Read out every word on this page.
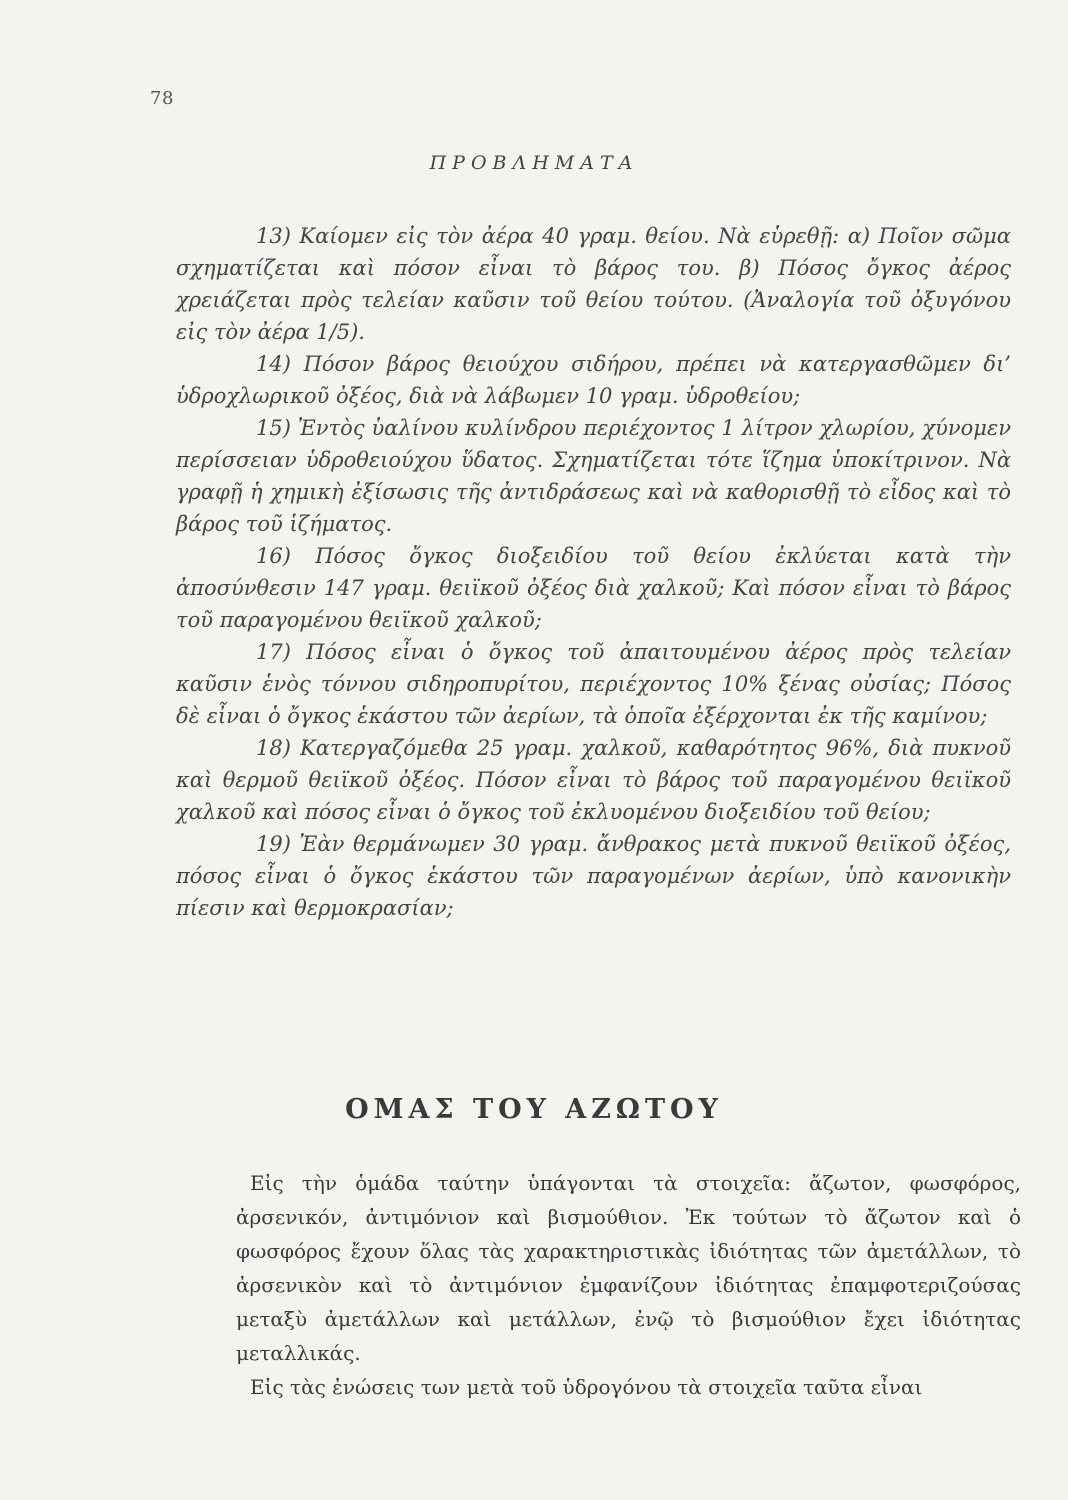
78
ΠΡΟΒΛΗΜΑΤΑ

13) Καίομεν εἰς τὸν ἀέρα 40 γραμ. θείου. Νὰ εὑρεθῇ: α) Ποῖον σῶμα σχηματίζεται καὶ πόσον εἶναι τὸ βάρος του. β) Πόσος ὄγκος ἀέρος χρειάζεται πρὸς τελείαν καῦσιν τοῦ θείου τούτου. (Ἀναλογία τοῦ ὀξυγόνου εἰς τὸν ἀέρα 1/5).

14) Πόσον βάρος θειούχου σιδήρου, πρέπει νὰ κατεργασθῶμεν δι’ ὑδροχλωρικοῦ ὀξέος, διὰ νὰ λάβωμεν 10 γραμ. ὑδροθείου;

15) Ἐντὸς ὑαλίνου κυλίνδρου περιέχοντος 1 λίτρον χλωρίου, χύνομεν περίσσειαν ὑδροθειούχου ὕδατος. Σχηματίζεται τότε ἵζημα ὑποκίτρινον. Νὰ γραφῇ ἡ χημικὴ ἐξίσωσις τῆς ἀντιδράσεως καὶ νὰ καθορισθῇ τὸ εἶδος καὶ τὸ βάρος τοῦ ἱζήματος.

16) Πόσος ὄγκος διοξειδίου τοῦ θείου ἐκλύεται κατὰ τὴν ἀποσύνθεσιν 147 γραμ. θειϊκοῦ ὀξέος διὰ χαλκοῦ; Καὶ πόσον εἶναι τὸ βάρος τοῦ παραγομένου θειϊκοῦ χαλκοῦ;

17) Πόσος εἶναι ὁ ὄγκος τοῦ ἀπαιτουμένου ἀέρος πρὸς τελείαν καῦσιν ἑνὸς τόννου σιδηροπυρίτου, περιέχοντος 10% ξένας οὐσίας; Πόσος δὲ εἶναι ὁ ὄγκος ἑκάστου τῶν ἀερίων, τὰ ὁποῖα ἐξέρχονται ἐκ τῆς καμίνου;

18) Κατεργαζόμεθα 25 γραμ. χαλκοῦ, καθαρότητος 96%, διὰ πυκνοῦ καὶ θερμοῦ θειϊκοῦ ὀξέος. Πόσον εἶναι τὸ βάρος τοῦ παραγομένου θειϊκοῦ χαλκοῦ καὶ πόσος εἶναι ὁ ὄγκος τοῦ ἐκλυομένου διοξειδίου τοῦ θείου;

19) Ἐὰν θερμάνωμεν 30 γραμ. ἄνθρακος μετὰ πυκνοῦ θειϊκοῦ ὀξέος, πόσος εἶναι ὁ ὄγκος ἑκάστου τῶν παραγομένων ἀερίων, ὑπὸ κανονικὴν πίεσιν καὶ θερμοκρασίαν;

ΟΜΑΣ ΤΟΥ ΑΖΩΤΟΥ

Εἰς τὴν ὁμάδα ταύτην ὑπάγονται τὰ στοιχεῖα: ἄζωτον, φωσφόρος, ἀρσενικόν, ἀντιμόνιον καὶ βισμούθιον. Ἐκ τούτων τὸ ἄζωτον καὶ ὁ φωσφόρος ἔχουν ὅλας τὰς χαρακτηριστικὰς ἰδιότητας τῶν ἀμετάλλων, τὸ ἀρσενικὸν καὶ τὸ ἀντιμόνιον ἐμφανίζουν ἰδιότητας ἐπαμφοτεριζούσας μεταξὺ ἀμετάλλων καὶ μετάλλων, ἐνῷ τὸ βισμούθιον ἔχει ἰδιότητας μεταλλικάς.

Εἰς τὰς ἐνώσεις των μετὰ τοῦ ὑδρογόνου τὰ στοιχεῖα ταῦτα εἶναι
